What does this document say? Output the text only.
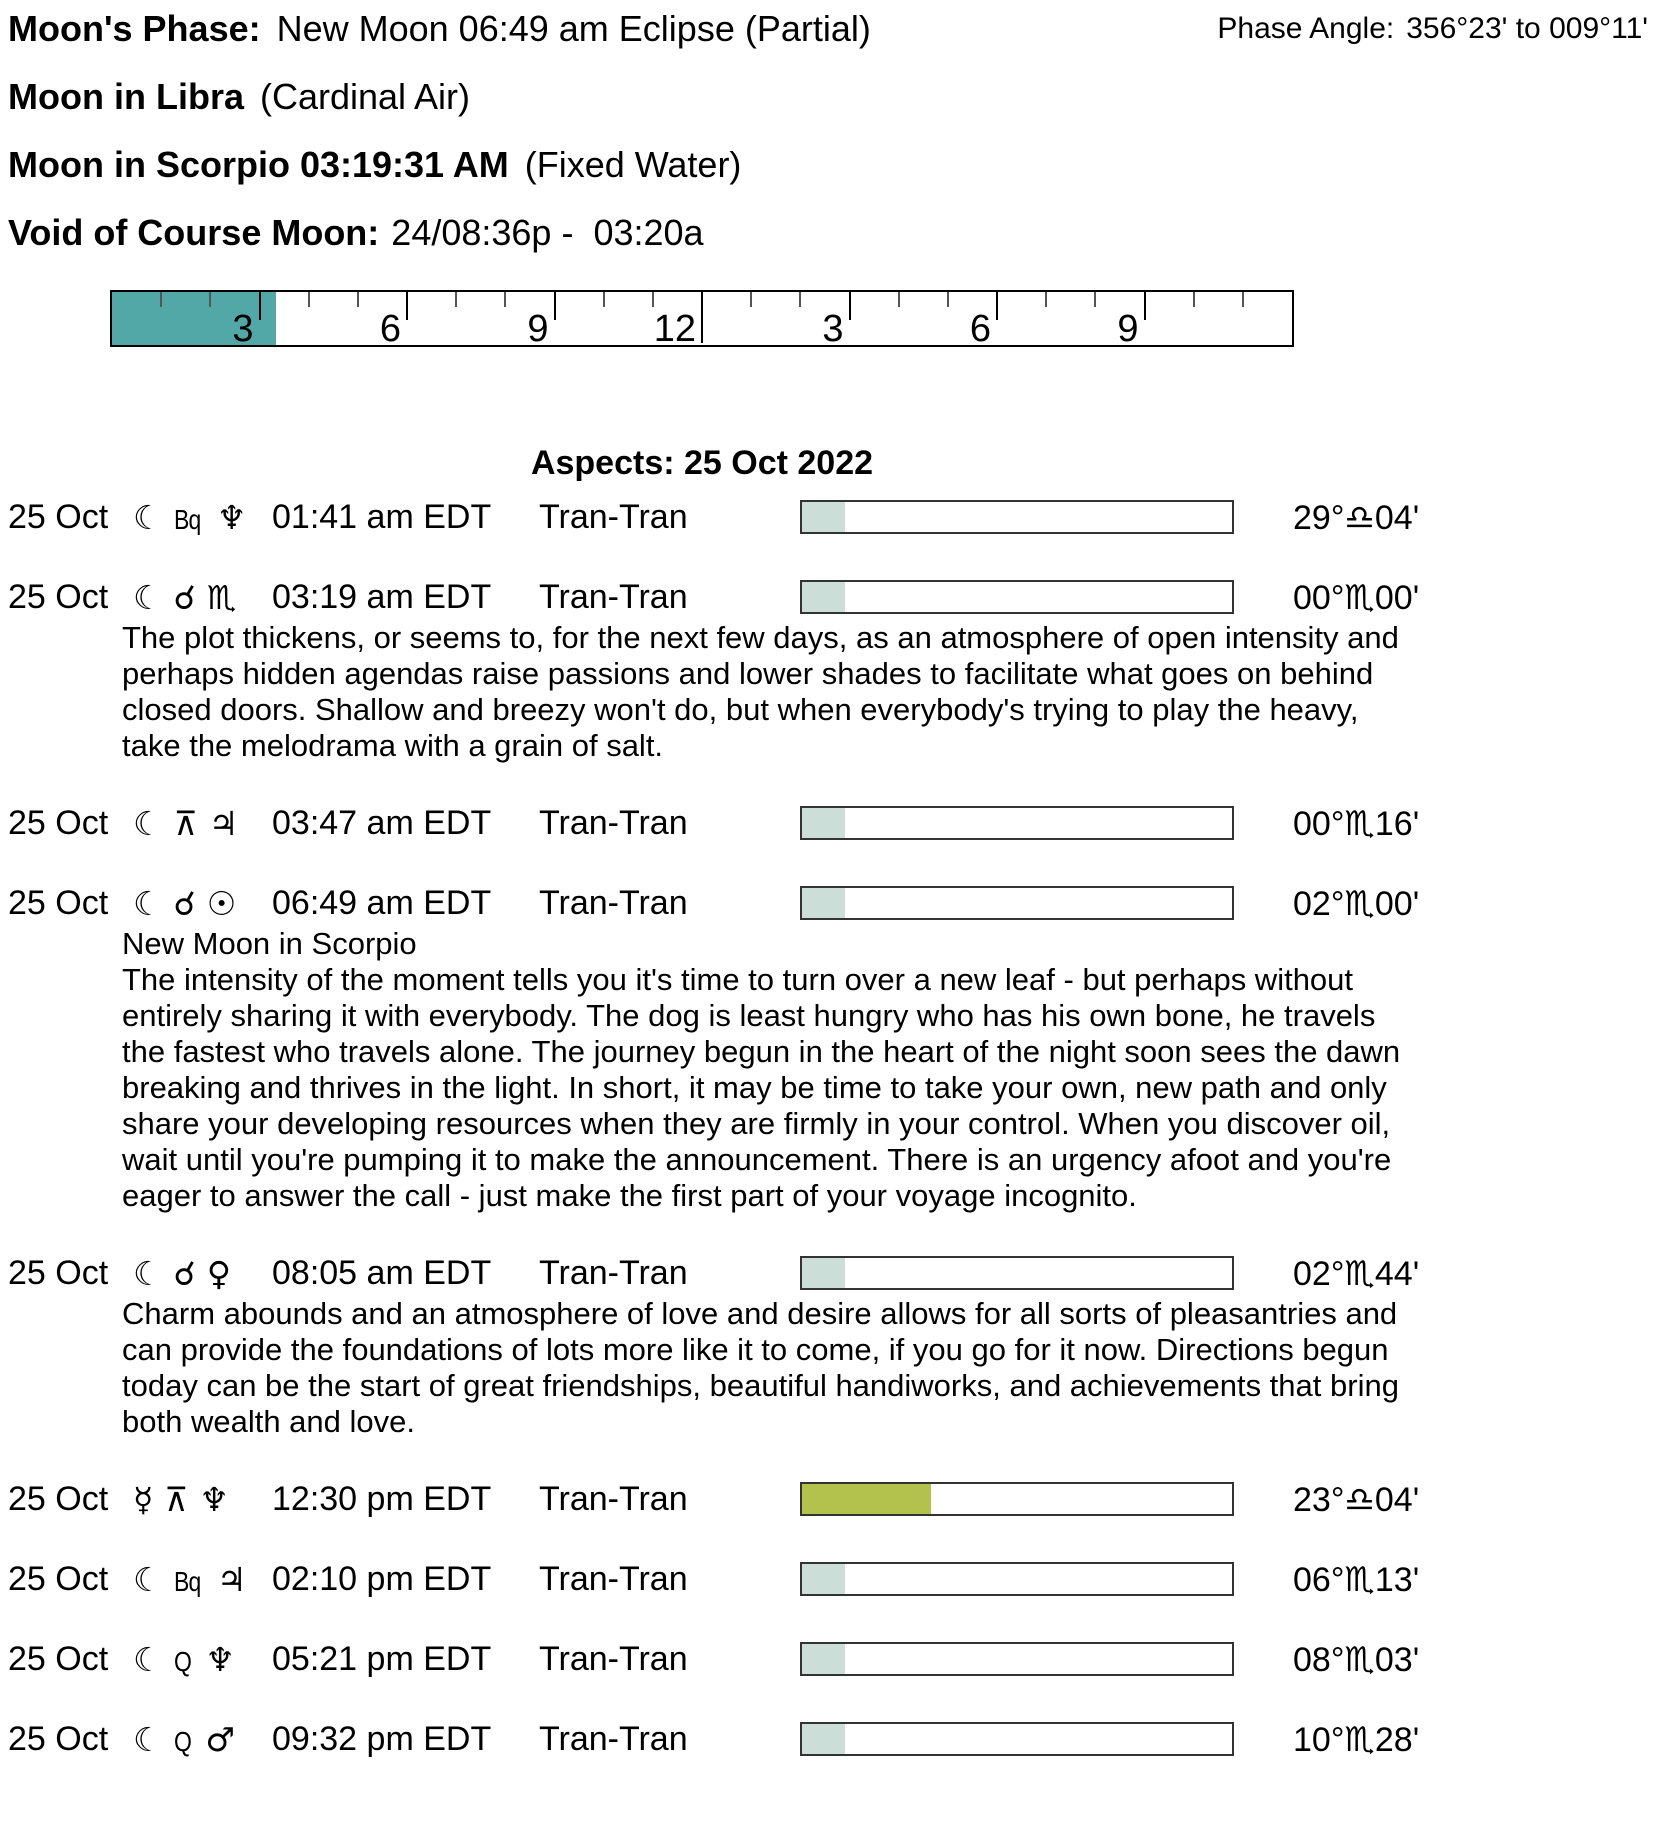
Moon's Phase: New Moon 06:49 am Eclipse (Partial)	Phase Angle: 356°23' to 009°11'
Moon in Libra (Cardinal Air)
Moon in Scorpio 03:19:31 AM (Fixed Water)
Void of Course Moon: 24/08:36p -  03:20a
3	6	9	12	3	6	9
Aspects: 25 Oct 2022
25 Oct ☾ Bq ♆ 01:41 am EDT Tran-Tran	29°♎04'
25 Oct ☾ ☌ ♏	03:19 am EDT Tran-Tran	00°♏00'
The plot thickens, or seems to, for the next few days, as an atmosphere of open intensity and
perhaps hidden agendas raise passions and lower shades to facilitate what goes on behind
closed doors. Shallow and breezy won't do, but when everybody's trying to play the heavy,
take the melodrama with a grain of salt.
25 Oct ☾ ⊼ ♃ 03:47 am EDT Tran-Tran	00°♏16'
25 Oct ☾ ☌ ☉	06:49 am EDT Tran-Tran	02°♏00'
New Moon in Scorpio
The intensity of the moment tells you it's time to turn over a new leaf - but perhaps without
entirely sharing it with everybody. The dog is least hungry who has his own bone, he travels
the fastest who travels alone. The journey begun in the heart of the night soon sees the dawn
breaking and thrives in the light. In short, it may be time to take your own, new path and only
share your developing resources when they are firmly in your control. When you discover oil,
wait until you're pumping it to make the announcement. There is an urgency afoot and you're
eager to answer the call - just make the first part of your voyage incognito.
25 Oct ☾ ☌ ♀	08:05 am EDT Tran-Tran	02°♏44'
Charm abounds and an atmosphere of love and desire allows for all sorts of pleasantries and
can provide the foundations of lots more like it to come, if you go for it now. Directions begun
today can be the start of great friendships, beautiful handiworks, and achievements that bring
both wealth and love.
25 Oct ☿ ⊼ ♆	12:30 pm EDT Tran-Tran	23°♎04'
25 Oct ☾ Bq ♃ 02:10 pm EDT Tran-Tran	06°♏13'
25 Oct ☾ Q ♆	05:21 pm EDT Tran-Tran	08°♏03'
25 Oct ☾ Q ♂	09:32 pm EDT Tran-Tran	10°♏28'
